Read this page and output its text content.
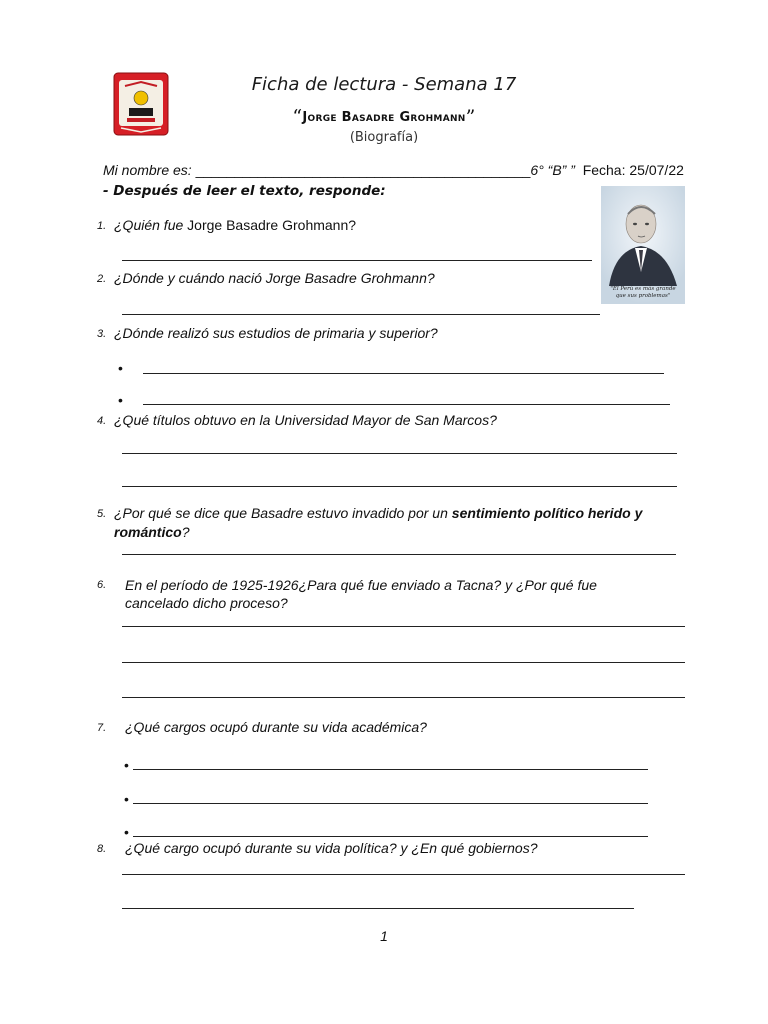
Ficha de lectura - Semana 17
“Jorge Basadre Grohmann”
(Biografía)
Mi nombre es: ___________________________________________6° “B” ” Fecha: 25/07/22
- Después de leer el texto, responde:
"El Perú es más grande
que sus problemas"
1. ¿Quién fue Jorge Basadre Grohmann?
2. ¿Dónde y cuándo nació Jorge Basadre Grohmann?
3. ¿Dónde realizó sus estudios de primaria y superior?
•
•
4. ¿Qué títulos obtuvo en la Universidad Mayor de San Marcos?
5. ¿Por qué se dice que Basadre estuvo invadido por un sentimiento político herido y
romántico?
6. En el período de 1925-1926¿Para qué fue enviado a Tacna? y ¿Por qué fue
cancelado dicho proceso?
7. ¿Qué cargos ocupó durante su vida académica?
•
•
•
8. ¿Qué cargo ocupó durante su vida política? y ¿En qué gobiernos?
1
